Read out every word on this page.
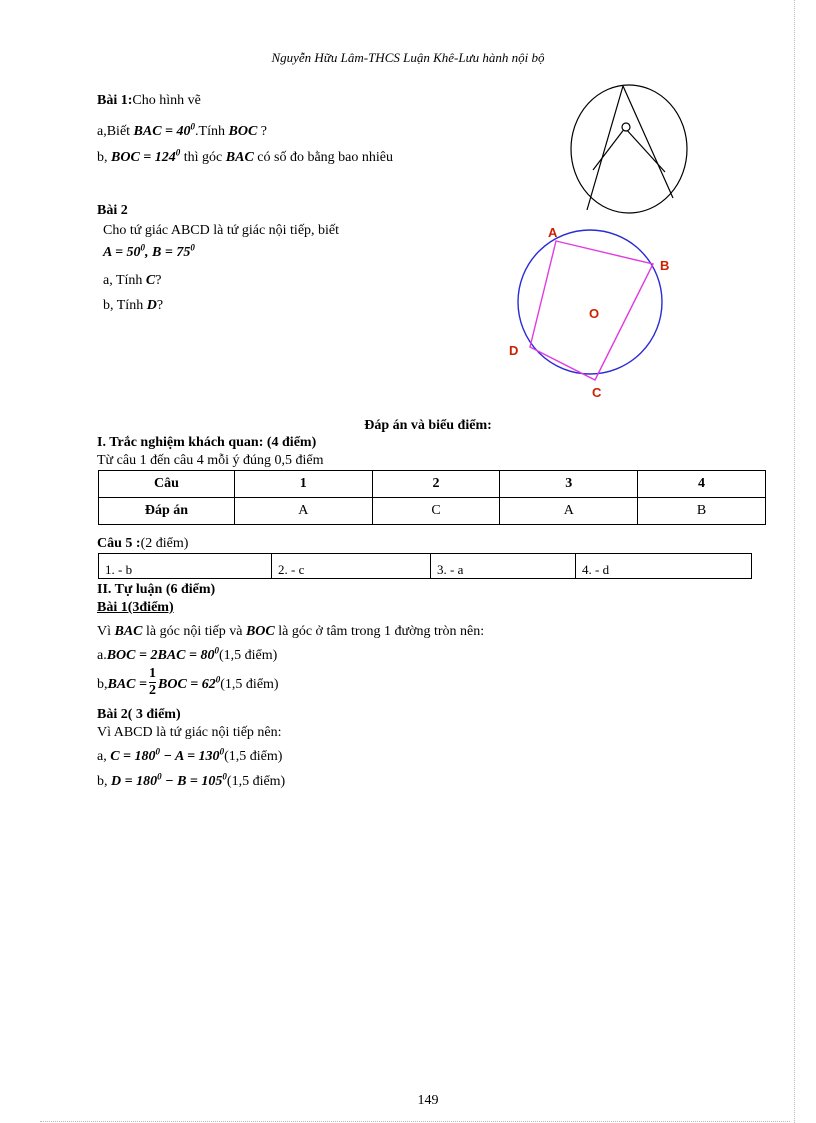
Nguyễn Hữu Lâm-THCS Luận Khê-Lưu hành nội bộ
Bài 1:Cho hình vẽ
a,Biết BAC = $40^0.Tính$ BOC ?
b, BOC = $124^0$ thì góc BAC có số đo bằng bao nhiêu
Bài 2
Cho tứ giác ABCD là tứ giác nội tiếp, biết
$A = 50^0$, $B = 75^0$
a, Tính C?
b, Tính D?
A
B
C
D
O
Đáp án và biểu điểm:
I. Trắc nghiệm khách quan: (4 điểm)
Từ câu 1 đến câu 4 mỗi ý đúng 0,5 điểm
Câu	1	2	3	4
Đáp án	A	C	A	B
Câu 5 :(2 điểm)
1. - b	2. - c	3. - a	4. - d
II. Tự luận (6 điểm)
Bài 1(3điểm)
Vì BAC là góc nội tiếp và BOC là góc ở tâm trong 1 đường tròn nên:
$a.BOC = 2BAC = 80^0(1,5$ điểm)
$b,BAC = \frac{1}{2}$ BOC = $62^0(1,5$ điểm)
Bài 2( 3 điểm)
Vì ABCD là tứ giác nội tiếp nên:
a, $C = 180^0 - A = 130^0(1,5$ điểm)
b, $D = 180^0 - B = 105^0(1,5$ điểm)
149
